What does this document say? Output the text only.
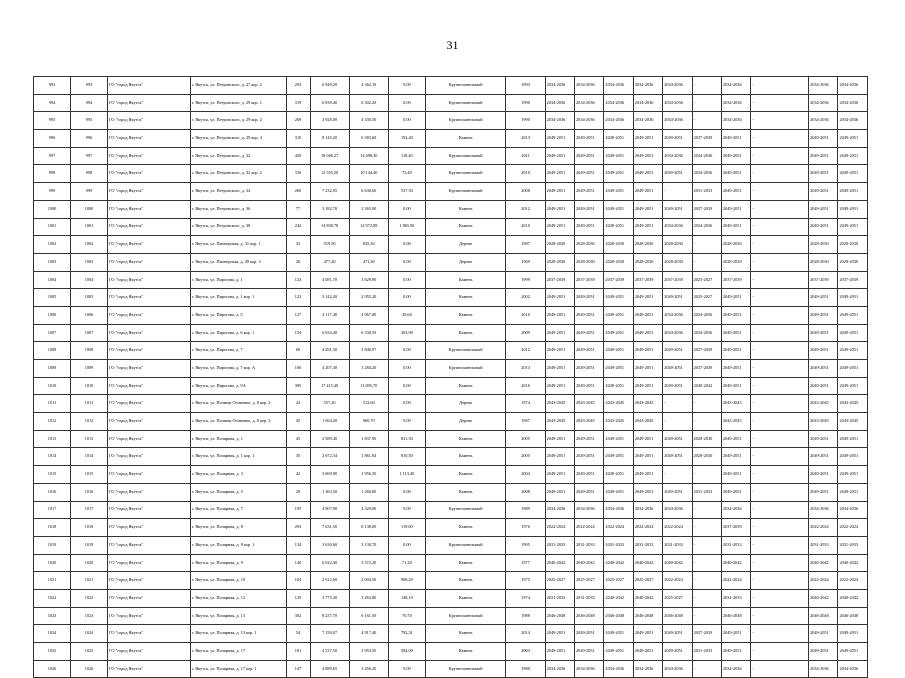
31
993	993	ГО "город Якутск"	г. Якутск, ул. Петровского, д. 27 кор. 2	203	6 949,20	4 362,10	0,00	Крупнопанельный	1993	2034-2036	2034-2036	2034-2036	2034-2036	2034-2036	-	2034-2036	-	2034-2036	2034-2036
994	994	ГО "город Якутск"	г. Якутск, ул. Петровского, д. 29 кор. 1	319	6 839,40	6 302,20	0,00	Крупнопанельный	1990	2034-2036	2034-2036	2034-2036	2034-2036	2034-2036	-	2034-2036	-	2034-2036	2034-2036
995	995	ГО "город Якутск"	г. Якутск, ул. Петровского, д. 29 кор. 2	269	4 928,00	4 330,50	0,00	Крупнопанельный	1990	2034-2036	2034-2036	2034-2036	2034-2036	2034-2036	-	2034-2036	-	2034-2036	2034-2036
996	996	ГО "город Якутск"	г. Якутск, ул. Петровского, д. 29 кор. 4	310	8 145,20	6 383,60	192,40	Камень	2013	2049-2051	2049-2051	2049-2051	2049-2051	2049-2051	2037-2039	2049-2051	-	2049-2051	2049-2051
997	997	ГО "город Якутск"	г. Якутск, ул. Петровского, д. 32	450	18 046,27	14 498,30	118,40	Крупнопанельный	2011	2049-2051	2049-2051	2049-2051	2049-2051	2034-2036	2034-2036	2049-2051	-	2049-2051	2049-2051
998	998	ГО "город Якутск"	г. Якутск, ул. Петровского, д. 32 кор. 2	316	12 555,50	10 144,40	73,40	Крупнопанельный	2010	2049-2051	2049-2051	2049-2051	2049-2051	2049-2051	2034-2036	2049-2051	-	2049-2051	2049-2051
999	999	ГО "город Якутск"	г. Якутск, ул. Петровского, д. 34	260	7 232,05	6 630,60	537,50	Крупнопанельный	2008	2049-2051	2049-2051	2049-2051	2049-2051	-	2031-2033	2049-2051	-	2049-2051	2049-2051
1000	1000	ГО "город Якутск"	г. Якутск, ул. Петровского, д. 36	77	3 182,70	2 365,00	0,00	Камень	2012	2049-2051	2049-2051	2049-2051	2049-2051	2049-2051	2037-2039	2049-2051	-	2049-2051	2049-2051
1001	1001	ГО "город Якутск"	г. Якутск, ул. Петровского, д. 38	242	14 838,78	12 972,88	1 865,90	Камень	2010	2049-2051	2049-2051	2049-2051	2049-2051	2034-2036	2034-2036	2049-2051	-	2049-2051	2049-2051
1002	1002	ГО "город Якутск"	г. Якутск, ул. Пионерская, д. 31 кор. 1	33	919,50	835,30	0,00	Дерево	1987	2028-2030	2028-2030	2028-2030	2028-2030	2028-2030	-	2028-2030	-	2028-2030	2028-2030
1003	1003	ГО "город Якутск"	г. Якутск, ул. Пионерская, д. 49 кор. 3	26	477,20	471,30	0,00	Дерево	1969	2028-2030	2028-2030	2028-2030	2028-2030	2028-2030	-	2028-2030	-	2028-2030	2028-2030
1004	1004	ГО "город Якутск"	г. Якутск, ул. Пирогова, д. 1	123	4 081,70	3 629,90	0,00	Камень	1999	2037-2039	2037-2039	2037-2039	2037-2039	2037-2039	2025-2027	2037-2039	-	2037-2039	2037-2039
1005	1005	ГО "город Якутск"	г. Якутск, ул. Пирогова, д. 1 кор. 1	122	3 142,20	2 955,20	0,00	Камень	2002	2049-2051	2049-2051	2049-2051	2049-2051	2049-2051	2025-2027	2049-2051	-	2049-2051	2049-2051
1006	1006	ГО "город Якутск"	г. Якутск, ул. Пирогова, д. 5	127	4 117,40	4 067,80	49,60	Камень	2010	2049-2051	2049-2051	2049-2051	2049-2051	2034-2036	2034-2036	2049-2051	-	2049-2051	2049-2051
1007	1007	ГО "город Якутск"	г. Якутск, ул. Пирогова, д. 6 кор. 1	154	6 634,40	6 330,50	303,90	Камень	2009	2049-2051	2049-2051	2049-2051	2049-2051	2034-2036	2034-2036	2049-2051	-	2049-2051	2049-2051
1008	1008	ГО "город Якутск"	г. Якутск, ул. Пирогова, д. 7	60	4 291,30	3 840,97	0,00	Крупнопанельный	2012	2049-2051	2049-2051	2049-2051	2049-2051	2049-2051	2037-2039	2049-2051	-	2049-2051	2049-2051
1009	1009	ГО "город Якутск"	г. Якутск, ул. Пирогова, д. 7 кор. А	106	4 207,40	3 284,20	0,00	Крупнопанельный	2013	2049-2051	2049-2051	2049-2051	2049-2051	2049-2051	2037-2039	2049-2051	-	2049-2051	2049-2051
1010	1010	ГО "город Якутск"	г. Якутск, ул. Пирогова, д. 9А	395	17 415,40	11 095,70	0,00	Камень	2016	2049-2051	2049-2051	2049-2051	2049-2051	2049-2051	2040-2042	2049-2051	-	2049-2051	2049-2051
1011	1011	ГО "город Якутск"	г. Якутск, ул. Полины Осипенко, д. 8 кор. 2	24	557,20	512,60	0,00	Дерево	1974	2043-2045	2043-2045	2043-2045	2043-2045	-	-	2043-2045	-	2043-2045	2043-2045
1012	1012	ГО "город Якутск"	г. Якутск, ул. Полины Осипенко, д. 8 кор. 3	45	1 064,20	960,70	0,00	Дерево	1987	2043-2045	2043-2045	2043-2045	2043-2045	-	-	2043-2045	-	2043-2045	2043-2045
1013	1013	ГО "город Якутск"	г. Якутск, ул. Полярная, д. 1	45	2 589,40	1 837,90	831,50	Камень	2005	2049-2051	2049-2051	2049-2051	2049-2051	2049-2051	2028-2030	2049-2051	-	2049-2051	2049-2051
1014	1014	ГО "город Якутск"	г. Якутск, ул. Полярная, д. 1 кор. 1	35	2 672,34	1 861,84	810,50	Камень	2005	2049-2051	2049-2051	2049-2051	2049-2051	2049-2051	2028-2030	2049-2051	-	2049-2051	2049-2051
1015	1015	ГО "город Якутск"	г. Якутск, ул. Полярная, д. 3	42	3 069,90	1 956,50	1 113,40	Камень	2004	2049-2051	2049-2051	2049-2051	2049-2051	-	-	2049-2051	-	2049-2051	2049-2051
1016	1016	ГО "город Якутск"	г. Якутск, ул. Полярная, д. 5	29	1 363,50	1 260,80	0,00	Камень	2008	2049-2051	2049-2051	2049-2051	2049-2051	2049-2051	2031-2033	2049-2051	-	2049-2051	2049-2051
1017	1017	ГО "город Якутск"	г. Якутск, ул. Полярная, д. 7	195	4 907,90	4 329,00	0,00	Крупнопанельный	1989	2034-2036	2034-2036	2034-2036	2034-2036	2034-2036	-	2034-2036	-	2034-2036	2034-2036
1018	1018	ГО "город Якутск"	г. Якутск, ул. Полярная, д. 8	293	7 631,50	6 138,00	119,00	Камень	1976	2022-2024	2022-2024	2022-2024	2022-2024	2022-2024	-	2037-2039	-	2022-2024	2022-2024
1019	1019	ГО "город Якутск"	г. Якутск, ул. Полярная, д. 8 кор. 1	134	3 630,60	3 130,70	0,00	Крупнопанельный	1995	2031-2033	2031-2033	2031-2033	2031-2033	2031-2033	-	2031-2033	-	2031-2033	2031-2033
1020	1020	ГО "город Якутск"	г. Якутск, ул. Полярная, д. 9	140	6 022,40	3 372,20	71,20	Камень	1977	2040-2042	2040-2042	2040-2042	2040-2042	2040-2042	-	2040-2042	-	2040-2042	2040-2042
1021	1021	ГО "город Якутск"	г. Якутск, ул. Полярная, д. 10	104	2 912,60	2 004,50	908,20	Камень	1975	2025-2027	2025-2027	2025-2027	2025-2027	2022-2024	-	2022-2024	-	2022-2024	2022-2024
1022	1022	ГО "город Якутск"	г. Якутск, ул. Полярная, д. 12	129	3 775,30	3 263,80	148,10	Камень	1974	2031-2033	2031-2033	2040-2042	2040-2042	2025-2027	-	2031-2033	-	2040-2042	2040-2042
1023	1023	ГО "город Якутск"	г. Якутск, ул. Полярная, д. 13	302	8 237,70	6 161,50	70,70	Крупнопанельный	1988	2046-2048	2046-2048	2046-2048	2046-2048	2046-2048	-	2046-2048	-	2046-2048	2046-2048
1024	1024	ГО "город Якутск"	г. Якутск, ул. Полярная, д. 13 кор. 1	54	7 150,07	4 917,40	792,31	Камень	2014	2049-2051	2049-2051	2049-2051	2049-2051	2049-2051	2037-2039	2049-2051	-	2049-2051	2049-2051
1025	1025	ГО "город Якутск"	г. Якутск, ул. Полярная, д. 17	101	4 537,50	3 953,50	584,00	Камень	2003	2049-2051	2049-2051	2049-2051	2049-2051	2049-2051	2031-2033	2049-2051	-	2049-2051	2049-2051
1026	1026	ГО "город Якутск"	г. Якутск, ул. Полярная, д. 17 кор. 1	147	4 889,65	3 456,20	0,00	Крупнопанельный	1980	2034-2036	2034-2036	2034-2036	2034-2036	2034-2036	-	2034-2036	-	2034-2036	2034-2036
